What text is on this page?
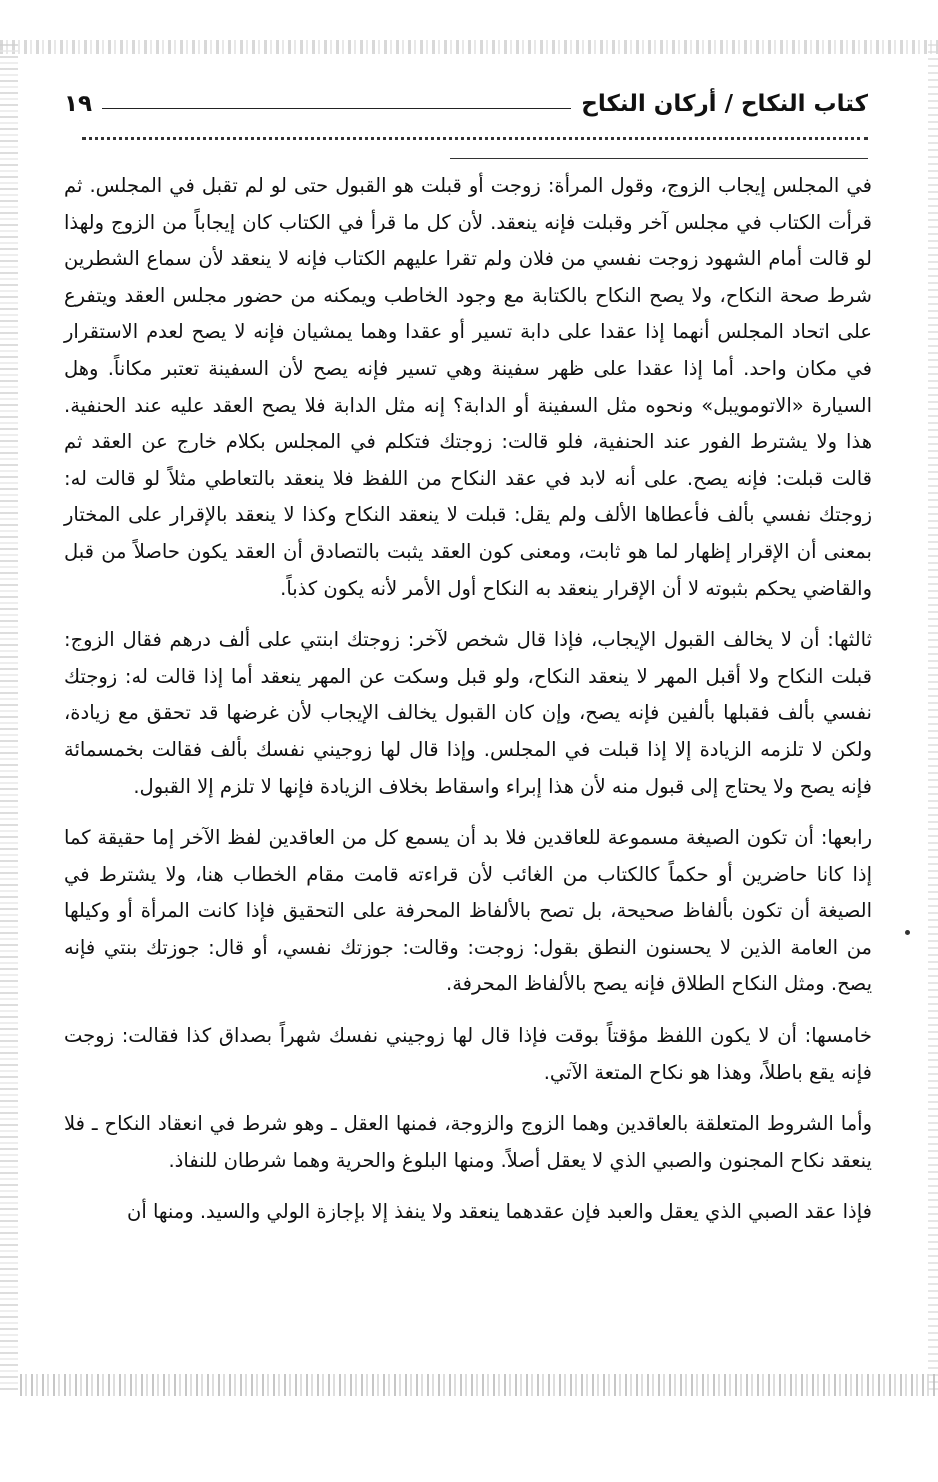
كتاب النكاح / أركان النكاح
١٩

في المجلس إيجاب الزوج، وقول المرأة: زوجت أو قبلت هو القبول حتى لو لم تقبل في المجلس. ثم قرأت الكتاب في مجلس آخر وقبلت فإنه ينعقد. لأن كل ما قرأ في الكتاب كان إيجاباً من الزوج ولهذا لو قالت أمام الشهود زوجت نفسي من فلان ولم تقرا عليهم الكتاب فإنه لا ينعقد لأن سماع الشطرين شرط صحة النكاح، ولا يصح النكاح بالكتابة مع وجود الخاطب ويمكنه من حضور مجلس العقد ويتفرع على اتحاد المجلس أنهما إذا عقدا على دابة تسير أو عقدا وهما يمشيان فإنه لا يصح لعدم الاستقرار في مكان واحد. أما إذا عقدا على ظهر سفينة وهي تسير فإنه يصح لأن السفينة تعتبر مكاناً. وهل السيارة «الاتومويبل» ونحوه مثل السفينة أو الدابة؟ إنه مثل الدابة فلا يصح العقد عليه عند الحنفية. هذا ولا يشترط الفور عند الحنفية، فلو قالت: زوجتك فتكلم في المجلس بكلام خارج عن العقد ثم قالت قبلت: فإنه يصح. على أنه لابد في عقد النكاح من اللفظ فلا ينعقد بالتعاطي مثلاً لو قالت له: زوجتك نفسي بألف فأعطاها الألف ولم يقل: قبلت لا ينعقد النكاح وكذا لا ينعقد بالإقرار على المختار بمعنى أن الإقرار إظهار لما هو ثابت، ومعنى كون العقد يثبت بالتصادق أن العقد يكون حاصلاً من قبل والقاضي يحكم بثبوته لا أن الإقرار ينعقد به النكاح أول الأمر لأنه يكون كذباً.

ثالثها: أن لا يخالف القبول الإيجاب، فإذا قال شخص لآخر: زوجتك ابنتي على ألف درهم فقال الزوج: قبلت النكاح ولا أقبل المهر لا ينعقد النكاح، ولو قبل وسكت عن المهر ينعقد أما إذا قالت له: زوجتك نفسي بألف فقبلها بألفين فإنه يصح، وإن كان القبول يخالف الإيجاب لأن غرضها قد تحقق مع زيادة، ولكن لا تلزمه الزيادة إلا إذا قبلت في المجلس. وإذا قال لها زوجيني نفسك بألف فقالت بخمسمائة فإنه يصح ولا يحتاج إلى قبول منه لأن هذا إبراء واسقاط بخلاف الزيادة فإنها لا تلزم إلا القبول.

رابعها: أن تكون الصيغة مسموعة للعاقدين فلا بد أن يسمع كل من العاقدين لفظ الآخر إما حقيقة كما إذا كانا حاضرين أو حكماً كالكتاب من الغائب لأن قراءته قامت مقام الخطاب هنا، ولا يشترط في الصيغة أن تكون بألفاظ صحيحة، بل تصح بالألفاظ المحرفة على التحقيق فإذا كانت المرأة أو وكيلها من العامة الذين لا يحسنون النطق بقول: زوجت: وقالت: جوزتك نفسي، أو قال: جوزتك بنتي فإنه يصح. ومثل النكاح الطلاق فإنه يصح بالألفاظ المحرفة.

خامسها: أن لا يكون اللفظ مؤقتاً بوقت فإذا قال لها زوجيني نفسك شهراً بصداق كذا فقالت: زوجت فإنه يقع باطلاً، وهذا هو نكاح المتعة الآتي.

وأما الشروط المتعلقة بالعاقدين وهما الزوج والزوجة، فمنها العقل ـ وهو شرط في انعقاد النكاح ـ فلا ينعقد نكاح المجنون والصبي الذي لا يعقل أصلاً. ومنها البلوغ والحرية وهما شرطان للنفاذ.

فإذا عقد الصبي الذي يعقل والعبد فإن عقدهما ينعقد ولا ينفذ إلا بإجازة الولي والسيد. ومنها أن
